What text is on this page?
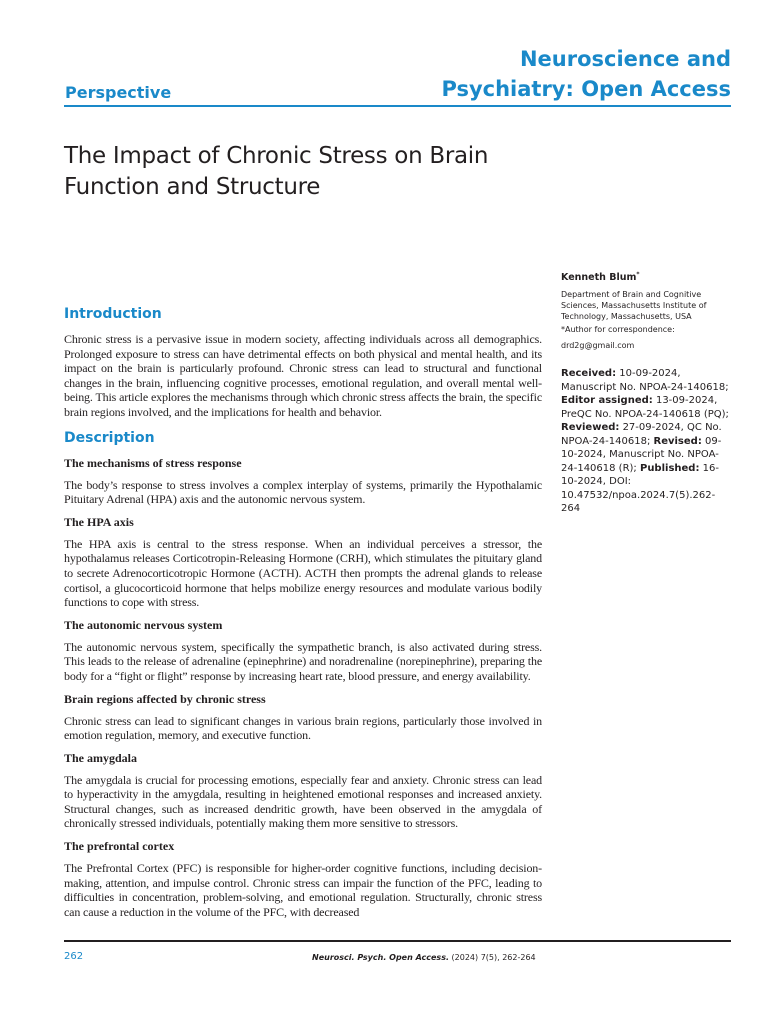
Neuroscience and
Psychiatry: Open Access
Perspective
The Impact of Chronic Stress on Brain Function and Structure
Kenneth Blum*
Department of Brain and Cognitive Sciences, Massachusetts Institute of Technology, Massachusetts, USA
*Author for correspondence:
drd2g@gmail.com
Received: 10-09-2024, Manuscript No. NPOA-24-140618; Editor assigned: 13-09-2024, PreQC No. NPOA-24-140618 (PQ); Reviewed: 27-09-2024, QC No. NPOA-24-140618; Revised: 09-10-2024, Manuscript No. NPOA-24-140618 (R); Published: 16-10-2024, DOI: 10.47532/npoa.2024.7(5).262-264
Introduction

Chronic stress is a pervasive issue in modern society, affecting individuals across all demographics. Prolonged exposure to stress can have detrimental effects on both physical and mental health, and its impact on the brain is particularly profound. Chronic stress can lead to structural and functional changes in the brain, influencing cognitive processes, emotional regulation, and overall mental well-being. This article explores the mechanisms through which chronic stress affects the brain, the specific brain regions involved, and the implications for health and behavior.

Description
The mechanisms of stress response

The body’s response to stress involves a complex interplay of systems, primarily the Hypothalamic Pituitary Adrenal (HPA) axis and the autonomic nervous system.

The HPA axis

The HPA axis is central to the stress response. When an individual perceives a stressor, the hypothalamus releases Corticotropin-Releasing Hormone (CRH), which stimulates the pituitary gland to secrete Adrenocorticotropic Hormone (ACTH). ACTH then prompts the adrenal glands to release cortisol, a glucocorticoid hormone that helps mobilize energy resources and modulate various bodily functions to cope with stress.

The autonomic nervous system

The autonomic nervous system, specifically the sympathetic branch, is also activated during stress. This leads to the release of adrenaline (epinephrine) and noradrenaline (norepinephrine), preparing the body for a “fight or flight” response by increasing heart rate, blood pressure, and energy availability.

Brain regions affected by chronic stress

Chronic stress can lead to significant changes in various brain regions, particularly those involved in emotion regulation, memory, and executive function.

The amygdala

The amygdala is crucial for processing emotions, especially fear and anxiety. Chronic stress can lead to hyperactivity in the amygdala, resulting in heightened emotional responses and increased anxiety. Structural changes, such as increased dendritic growth, have been observed in the amygdala of chronically stressed individuals, potentially making them more sensitive to stressors.

The prefrontal cortex

The Prefrontal Cortex (PFC) is responsible for higher-order cognitive functions, including decision-making, attention, and impulse control. Chronic stress can impair the function of the PFC, leading to difficulties in concentration, problem-solving, and emotional regulation. Structurally, chronic stress can cause a reduction in the volume of the PFC, with decreased

262	Neurosci. Psych. Open Access. (2024) 7(5), 262-264
